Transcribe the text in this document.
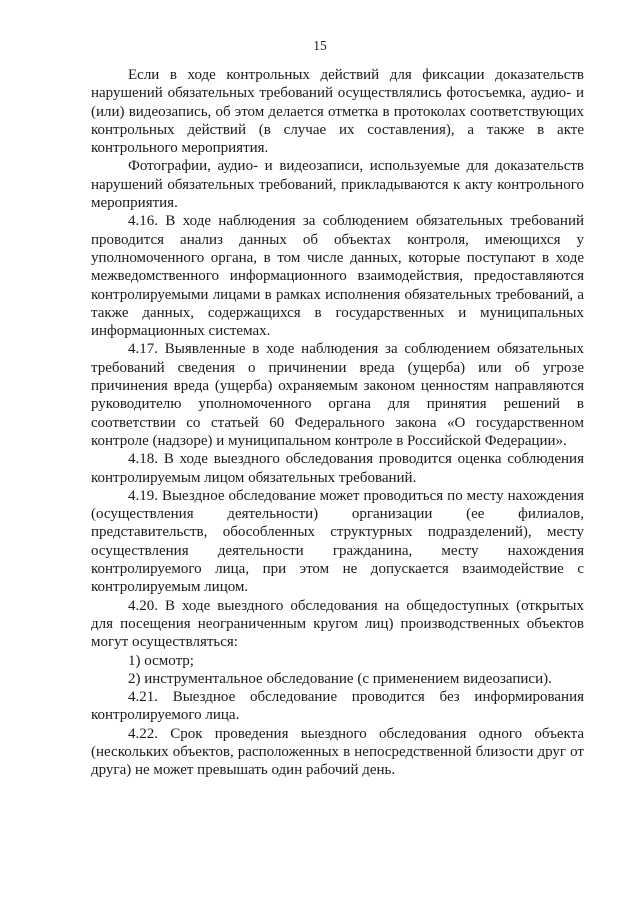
15

Если в ходе контрольных действий для фиксации доказательств нарушений обязательных требований осуществлялись фотосъемка, аудио- и (или) видеозапись, об этом делается отметка в протоколах соответствующих контрольных действий (в случае их составления), а также в акте контрольного мероприятия.

Фотографии, аудио- и видеозаписи, используемые для доказательств нарушений обязательных требований, прикладываются к акту контрольного мероприятия.

4.16. В ходе наблюдения за соблюдением обязательных требований проводится анализ данных об объектах контроля, имеющихся у уполномоченного органа, в том числе данных, которые поступают в ходе межведомственного информационного взаимодействия, предоставляются контролируемыми лицами в рамках исполнения обязательных требований, а также данных, содержащихся в государственных и муниципальных информационных системах.

4.17. Выявленные в ходе наблюдения за соблюдением обязательных требований сведения о причинении вреда (ущерба) или об угрозе причинения вреда (ущерба) охраняемым законом ценностям направляются руководителю уполномоченного органа для принятия решений в соответствии со статьей 60 Федерального закона «О государственном контроле (надзоре) и муниципальном контроле в Российской Федерации».

4.18. В ходе выездного обследования проводится оценка соблюдения контролируемым лицом обязательных требований.

4.19. Выездное обследование может проводиться по месту нахождения (осуществления деятельности) организации (ее филиалов, представительств, обособленных структурных подразделений), месту осуществления деятельности гражданина, месту нахождения контролируемого лица, при этом не допускается взаимодействие с контролируемым лицом.

4.20. В ходе выездного обследования на общедоступных (открытых для посещения неограниченным кругом лиц) производственных объектов могут осуществляться:

1) осмотр;

2) инструментальное обследование (с применением видеозаписи).

4.21. Выездное обследование проводится без информирования контролируемого лица.

4.22. Срок проведения выездного обследования одного объекта (нескольких объектов, расположенных в непосредственной близости друг от друга) не может превышать один рабочий день.
